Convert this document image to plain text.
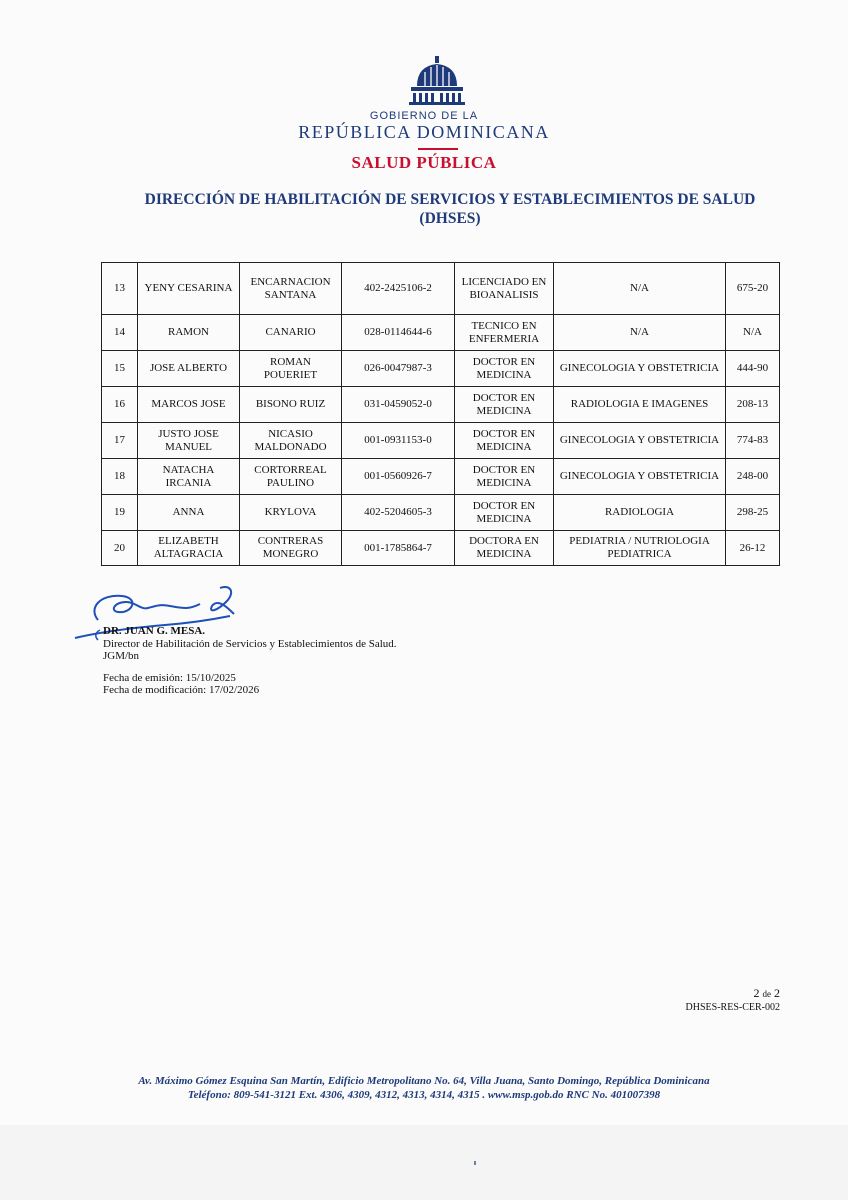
GOBIERNO DE LA
REPÚBLICA DOMINICANA
SALUD PÚBLICA
DIRECCIÓN DE HABILITACIÓN DE SERVICIOS Y ESTABLECIMIENTOS DE SALUD
(DHSES)
13	YENY CESARINA	ENCARNACION SANTANA	402-2425106-2	LICENCIADO EN BIOANALISIS	N/A	675-20
14	RAMON	CANARIO	028-0114644-6	TECNICO EN ENFERMERIA	N/A	N/A
15	JOSE ALBERTO	ROMAN POUERIET	026-0047987-3	DOCTOR EN MEDICINA	GINECOLOGIA Y OBSTETRICIA	444-90
16	MARCOS JOSE	BISONO RUIZ	031-0459052-0	DOCTOR EN MEDICINA	RADIOLOGIA E IMAGENES	208-13
17	JUSTO JOSE MANUEL	NICASIO MALDONADO	001-0931153-0	DOCTOR EN MEDICINA	GINECOLOGIA Y OBSTETRICIA	774-83
18	NATACHA IRCANIA	CORTORREAL PAULINO	001-0560926-7	DOCTOR EN MEDICINA	GINECOLOGIA Y OBSTETRICIA	248-00
19	ANNA	KRYLOVA	402-5204605-3	DOCTOR EN MEDICINA	RADIOLOGIA	298-25
20	ELIZABETH ALTAGRACIA	CONTRERAS MONEGRO	001-1785864-7	DOCTORA EN MEDICINA	PEDIATRIA / NUTRIOLOGIA PEDIATRICA	26-12
DR. JUAN G. MESA.
Director de Habilitación de Servicios y Establecimientos de Salud.
JGM/bn
Fecha de emisión: 15/10/2025
Fecha de modificación: 17/02/2026
2 de 2
DHSES-RES-CER-002
Av. Máximo Gómez Esquina San Martín, Edificio Metropolitano No. 64, Villa Juana, Santo Domingo, República Dominicana
Teléfono: 809-541-3121 Ext. 4306, 4309, 4312, 4313, 4314, 4315 . www.msp.gob.do RNC No. 401007398
